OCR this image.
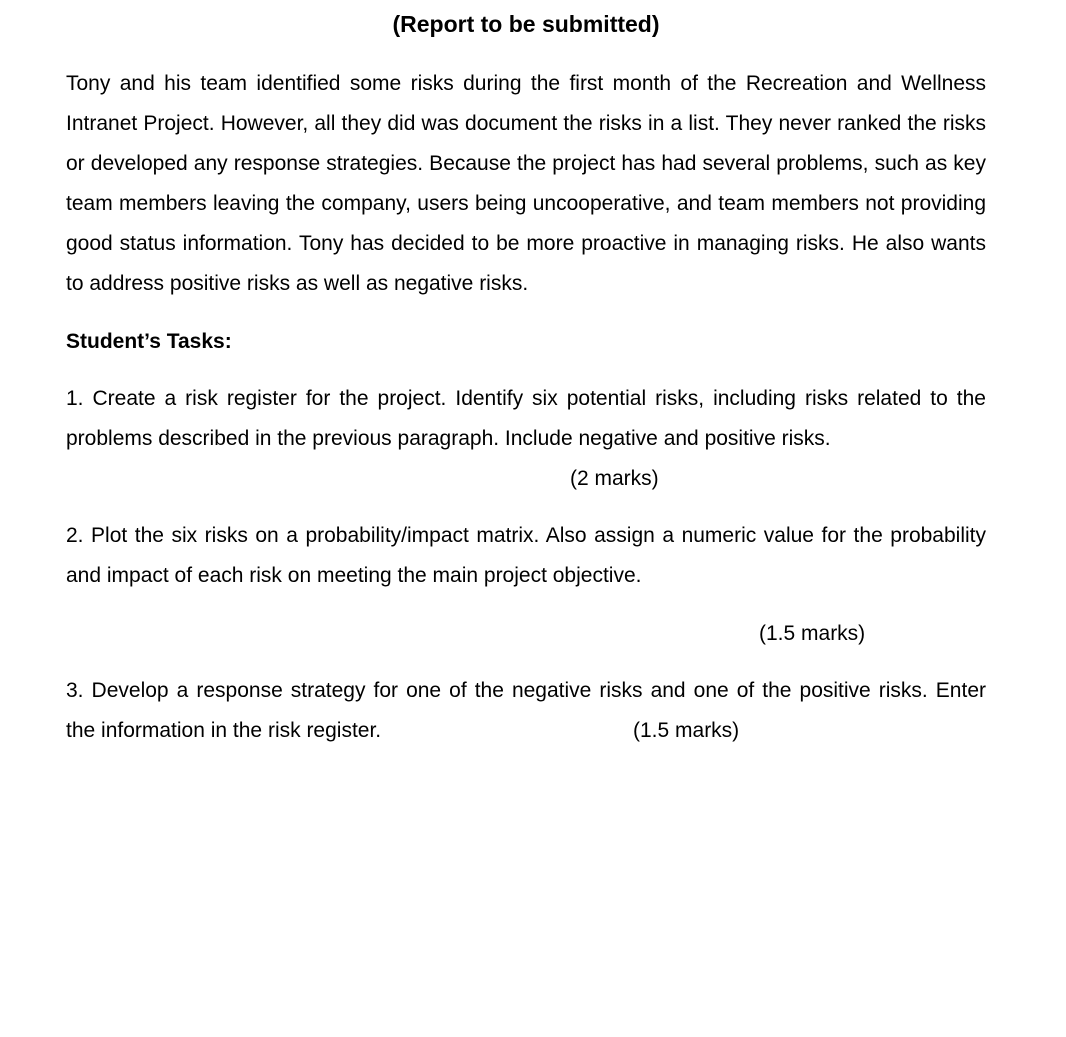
(Report to be submitted)

Tony and his team identified some risks during the first month of the Recreation and Wellness Intranet Project. However, all they did was document the risks in a list. They never ranked the risks or developed any response strategies. Because the project has had several problems, such as key team members leaving the company, users being uncooperative, and team members not providing good status information. Tony has decided to be more proactive in managing risks. He also wants to address positive risks as well as negative risks.

Student’s Tasks:

1. Create a risk register for the project. Identify six potential risks, including risks related to the problems described in the previous paragraph. Include negative and positive risks.

(2 marks)

2. Plot the six risks on a probability/impact matrix. Also assign a numeric value for the probability and impact of each risk on meeting the main project objective.

(1.5 marks)

3. Develop a response strategy for one of the negative risks and one of the positive risks. Enter

the information in the risk register.	(1.5 marks)
